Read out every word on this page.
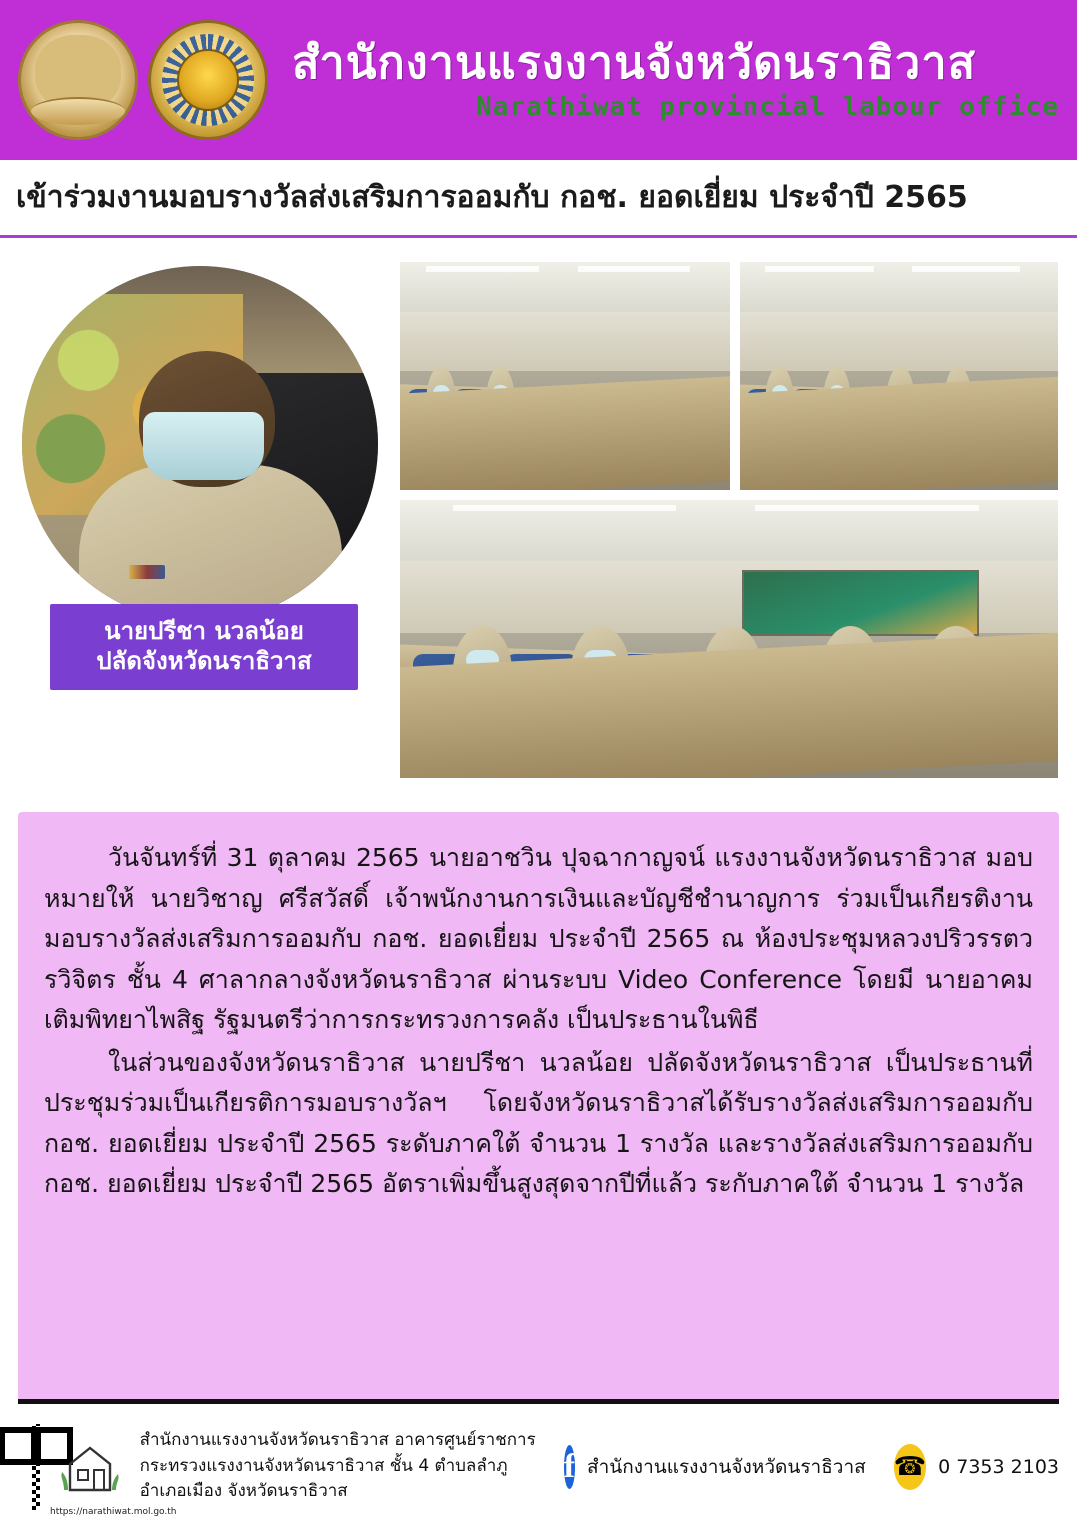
สำนักงานแรงงานจังหวัดนราธิวาส
Narathiwat provincial labour office
เข้าร่วมงานมอบรางวัลส่งเสริมการออมกับ กอช. ยอดเยี่ยม ประจำปี 2565
นายปรีชา นวลน้อย
ปลัดจังหวัดนราธิวาส

วันจันทร์ที่ 31 ตุลาคม 2565 นายอาชวิน ปุจฉากาญจน์ แรงงานจังหวัดนราธิวาส มอบหมายให้ นายวิชาญ ศรีสวัสดิ์ เจ้าพนักงานการเงินและบัญชีชำนาญการ ร่วมเป็นเกียรติงานมอบรางวัลส่งเสริมการออมกับ กอช. ยอดเยี่ยม ประจำปี 2565 ณ ห้องประชุมหลวงปริวรรตวรวิจิตร ชั้น 4 ศาลากลางจังหวัดนราธิวาส ผ่านระบบ Video Conference โดยมี นายอาคม เติมพิทยาไพสิฐ รัฐมนตรีว่าการกระทรวงการคลัง เป็นประธานในพิธี

ในส่วนของจังหวัดนราธิวาส นายปรีชา นวลน้อย ปลัดจังหวัดนราธิวาส เป็นประธานที่ประชุมร่วมเป็นเกียรติการมอบรางวัลฯ โดยจังหวัดนราธิวาสได้รับรางวัลส่งเสริมการออมกับ กอช. ยอดเยี่ยม ประจำปี 2565 ระดับภาคใต้ จำนวน 1 รางวัล และรางวัลส่งเสริมการออมกับ กอช. ยอดเยี่ยม ประจำปี 2565 อัตราเพิ่มขึ้นสูงสุดจากปีที่แล้ว ระกับภาคใต้ จำนวน 1 รางวัล

https://narathiwat.mol.go.th
สำนักงานแรงงานจังหวัดนราธิวาส อาคารศูนย์ราชการ
กระทรวงแรงงานจังหวัดนราธิวาส ชั้น 4 ตำบลลำภู
อำเภอเมือง จังหวัดนราธิวาส
f สำนักงานแรงงานจังหวัดนราธิวาส ☎ 0 7353 2103
